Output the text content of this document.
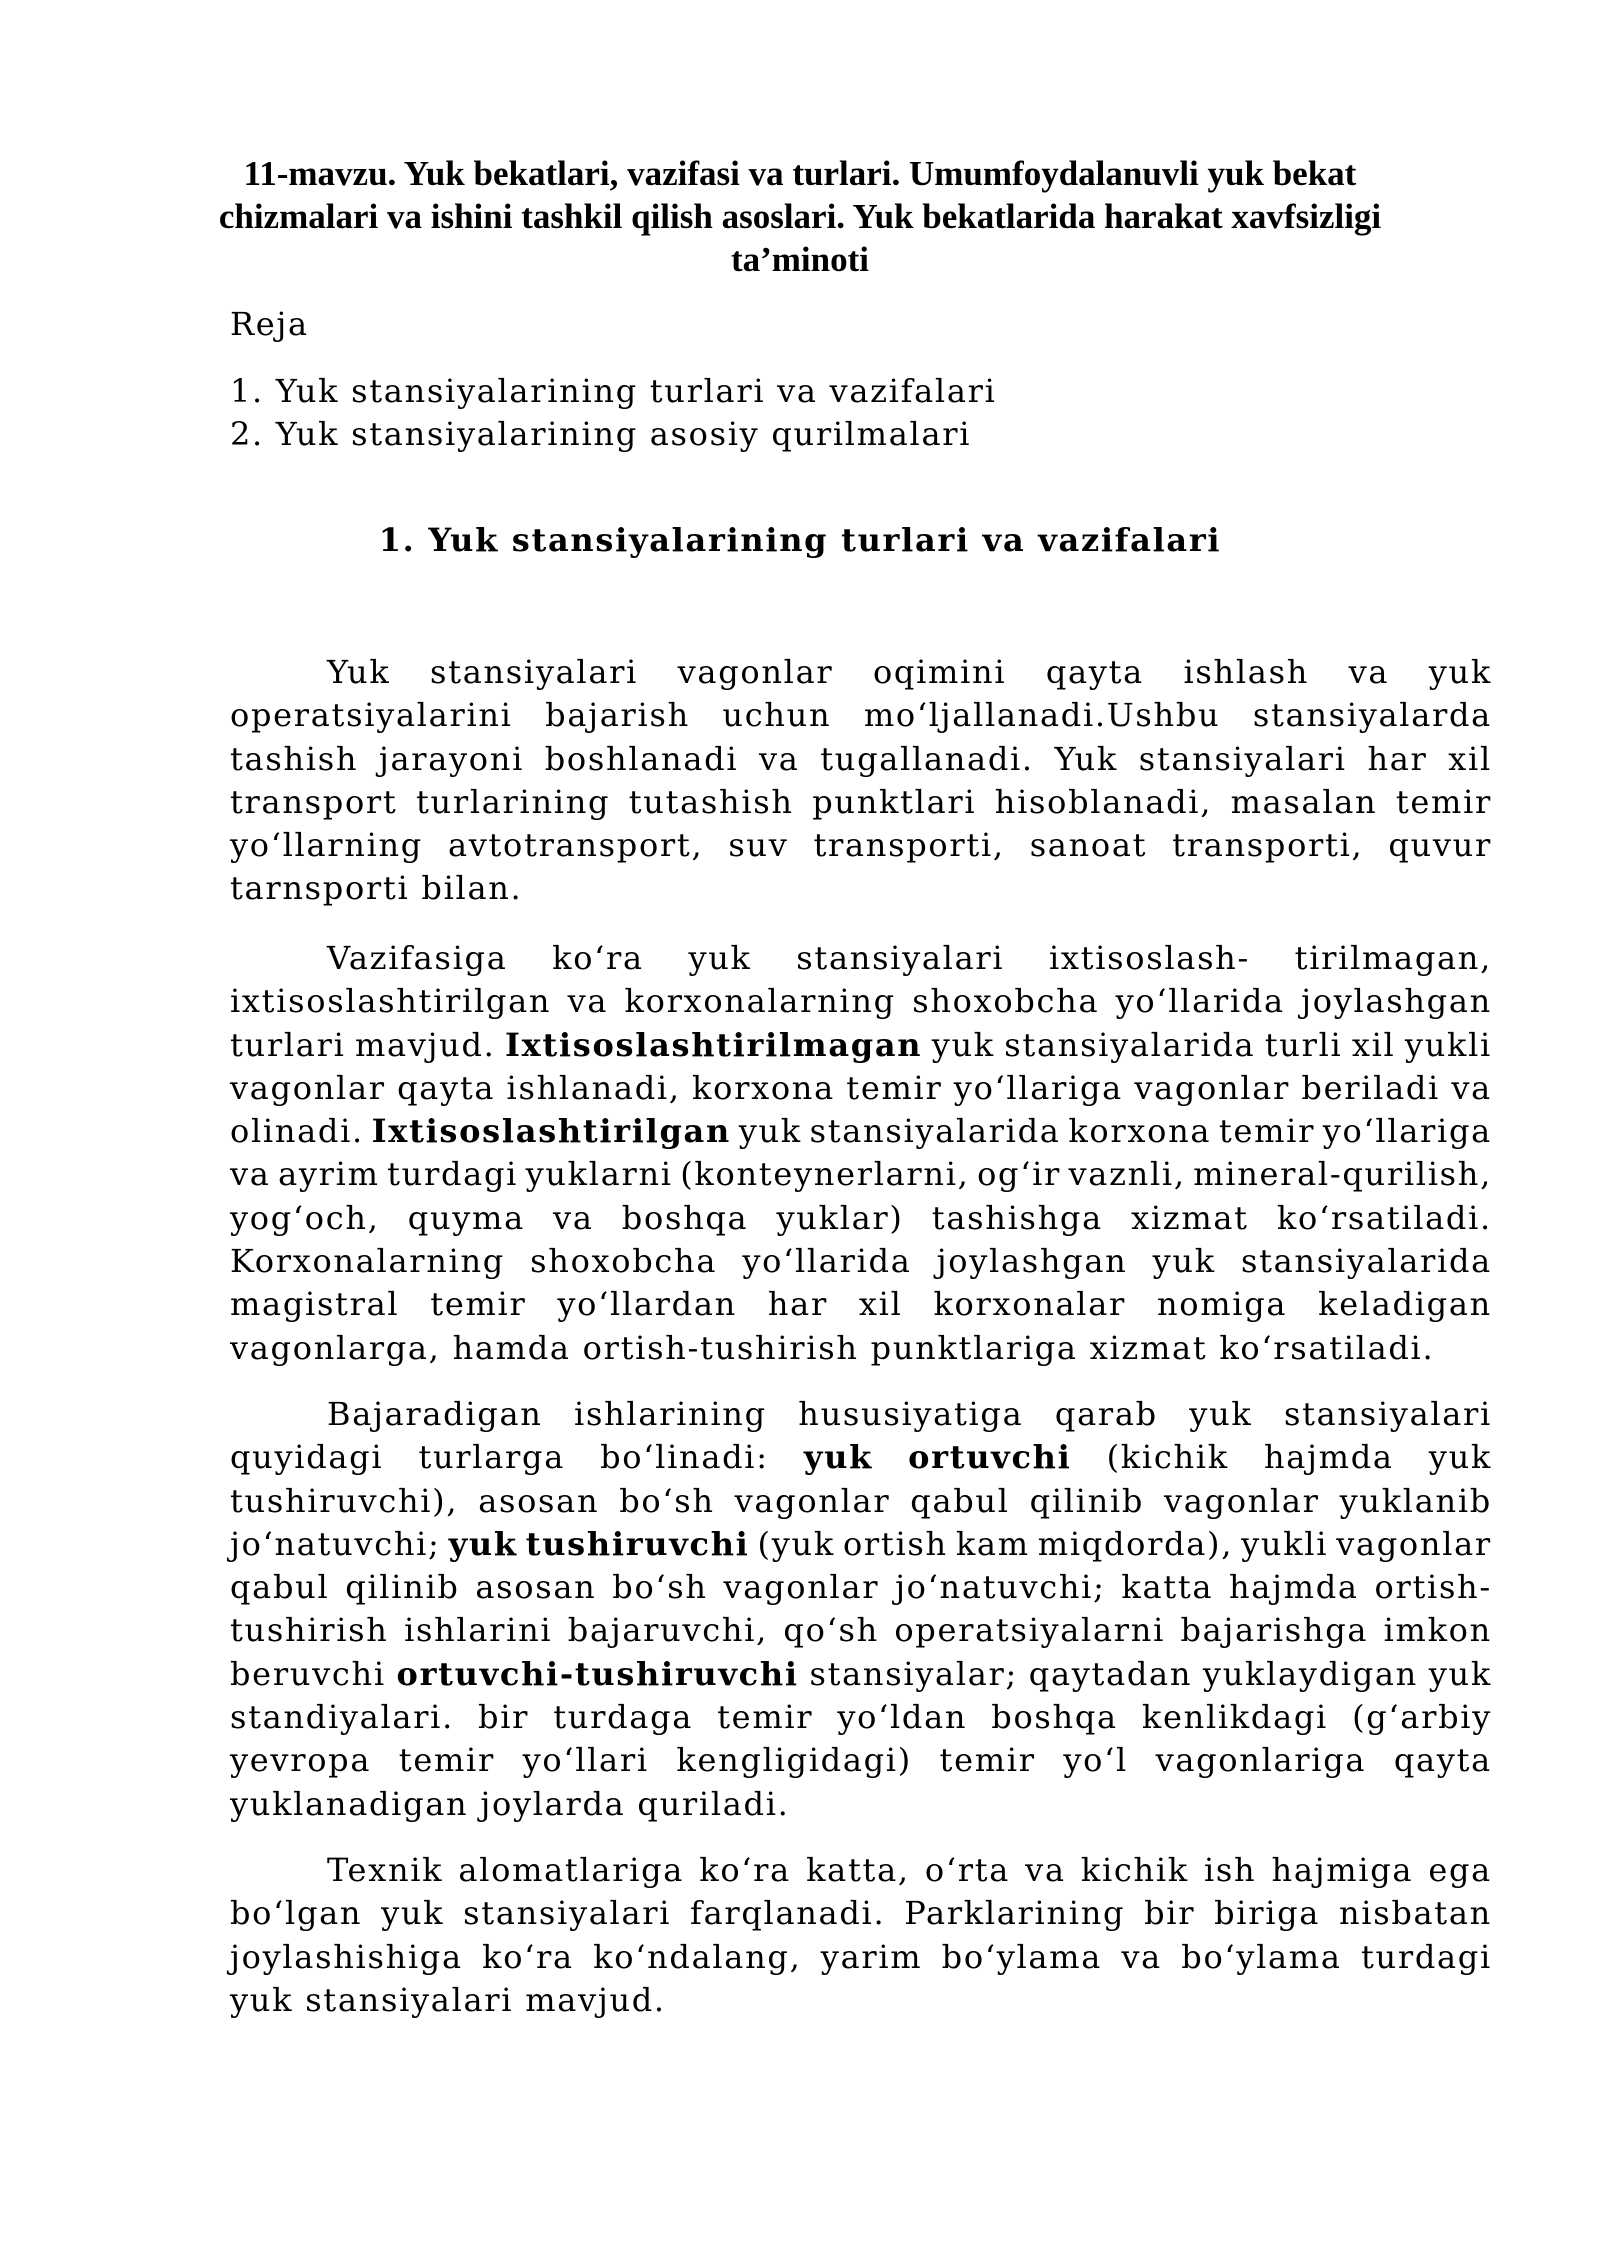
11-mavzu. Yuk bekatlari, vazifasi va turlari. Umumfoydalanuvli yuk bekat
chizmalari va ishini tashkil qilish asoslari. Yuk bekatlarida harakat xavfsizligi
ta’minoti
Reja
1. Yuk stansiyalarining turlari va vazifalari
2. Yuk stansiyalarining asosiy qurilmalari
1. Yuk stansiyalarining turlari va vazifalari
Yuk stansiyalari vagonlar oqimini qayta ishlash va yuk
operatsiyalarini bajarish uchun mo‘ljallanadi.Ushbu stansiyalarda
tashish jarayoni boshlanadi va tugallanadi. Yuk stansiyalari har xil
transport turlarining tutashish punktlari hisoblanadi, masalan temir
yo‘llarning avtotransport, suv transporti, sanoat transporti, quvur
tarnsporti bilan.
Vazifasiga ko‘ra yuk stansiyalari ixtisoslash- tirilmagan,
ixtisoslashtirilgan va korxonalarning shoxobcha yo‘llarida joylashgan
turlari mavjud. Ixtisoslashtirilmagan yuk stansiyalarida turli xil yukli
vagonlar qayta ishlanadi, korxona temir yo‘llariga vagonlar beriladi va
olinadi. Ixtisoslashtirilgan yuk stansiyalarida korxona temir yo‘llariga
va ayrim turdagi yuklarni (konteynerlarni, og‘ir vaznli, mineral-qurilish,
yog‘och, quyma va boshqa yuklar) tashishga xizmat ko‘rsatiladi.
Korxonalarning shoxobcha yo‘llarida joylashgan yuk stansiyalarida
magistral temir yo‘llardan har xil korxonalar nomiga keladigan
vagonlarga, hamda ortish-tushirish punktlariga xizmat ko‘rsatiladi.
Bajaradigan ishlarining hususiyatiga qarab yuk stansiyalari
quyidagi turlarga bo‘linadi: yuk ortuvchi (kichik hajmda yuk
tushiruvchi), asosan bo‘sh vagonlar qabul qilinib vagonlar yuklanib
jo‘natuvchi; yuk tushiruvchi (yuk ortish kam miqdorda), yukli vagonlar
qabul qilinib asosan bo‘sh vagonlar jo‘natuvchi; katta hajmda ortish-
tushirish ishlarini bajaruvchi, qo‘sh operatsiyalarni bajarishga imkon
beruvchi ortuvchi-tushiruvchi stansiyalar; qaytadan yuklaydigan yuk
standiyalari. bir turdaga temir yo‘ldan boshqa kenlikdagi (g‘arbiy
yevropa temir yo‘llari kengligidagi) temir yo‘l vagonlariga qayta
yuklanadigan joylarda quriladi.
Texnik alomatlariga ko‘ra katta, o‘rta va kichik ish hajmiga ega
bo‘lgan yuk stansiyalari farqlanadi. Parklarining bir biriga nisbatan
joylashishiga ko‘ra ko‘ndalang, yarim bo‘ylama va bo‘ylama turdagi
yuk stansiyalari mavjud.
